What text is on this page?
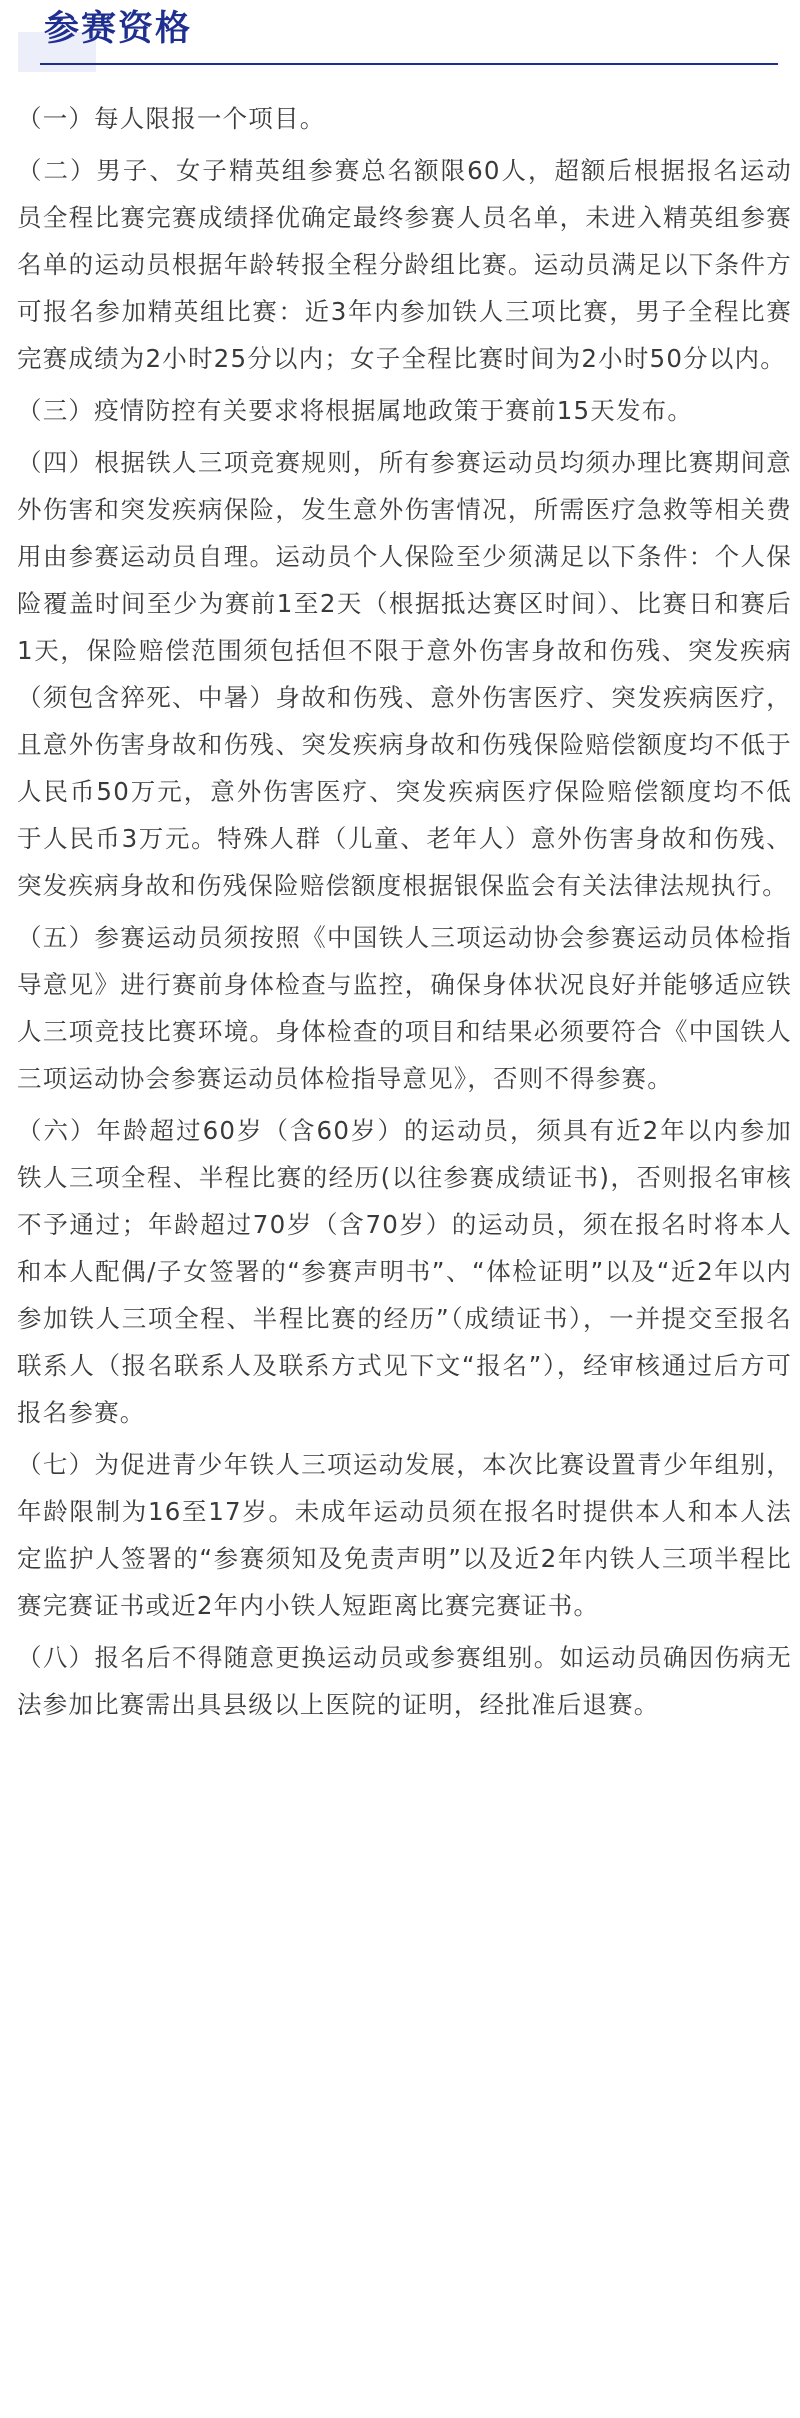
参赛资格

（一）每人限报一个项目。

（二）男子、女子精英组参赛总名额限60人，超额后根据报名运动员全程比赛完赛成绩择优确定最终参赛人员名单，未进入精英组参赛名单的运动员根据年龄转报全程分龄组比赛。运动员满足以下条件方可报名参加精英组比赛：近3年内参加铁人三项比赛，男子全程比赛完赛成绩为2小时25分以内；女子全程比赛时间为2小时50分以内。

（三）疫情防控有关要求将根据属地政策于赛前15天发布。

（四）根据铁人三项竞赛规则，所有参赛运动员均须办理比赛期间意外伤害和突发疾病保险，发生意外伤害情况，所需医疗急救等相关费用由参赛运动员自理。运动员个人保险至少须满足以下条件：个人保险覆盖时间至少为赛前1至2天（根据抵达赛区时间）、比赛日和赛后1天，保险赔偿范围须包括但不限于意外伤害身故和伤残、突发疾病（须包含猝死、中暑）身故和伤残、意外伤害医疗、突发疾病医疗，且意外伤害身故和伤残、突发疾病身故和伤残保险赔偿额度均不低于人民币50万元，意外伤害医疗、突发疾病医疗保险赔偿额度均不低于人民币3万元。特殊人群（儿童、老年人）意外伤害身故和伤残、突发疾病身故和伤残保险赔偿额度根据银保监会有关法律法规执行。

（五）参赛运动员须按照《中国铁人三项运动协会参赛运动员体检指导意见》进行赛前身体检查与监控，确保身体状况良好并能够适应铁人三项竞技比赛环境。身体检查的项目和结果必须要符合《中国铁人三项运动协会参赛运动员体检指导意见》，否则不得参赛。

（六）年龄超过60岁（含60岁）的运动员，须具有近2年以内参加铁人三项全程、半程比赛的经历(以往参赛成绩证书)，否则报名审核不予通过；年龄超过70岁（含70岁）的运动员，须在报名时将本人和本人配偶/子女签署的“参赛声明书”、“体检证明”以及“近2年以内参加铁人三项全程、半程比赛的经历”（成绩证书），一并提交至报名联系人（报名联系人及联系方式见下文“报名”），经审核通过后方可报名参赛。

（七）为促进青少年铁人三项运动发展，本次比赛设置青少年组别，年龄限制为16至17岁。未成年运动员须在报名时提供本人和本人法定监护人签署的“参赛须知及免责声明”以及近2年内铁人三项半程比赛完赛证书或近2年内小铁人短距离比赛完赛证书。

（八）报名后不得随意更换运动员或参赛组别。如运动员确因伤病无法参加比赛需出具县级以上医院的证明，经批准后退赛。
